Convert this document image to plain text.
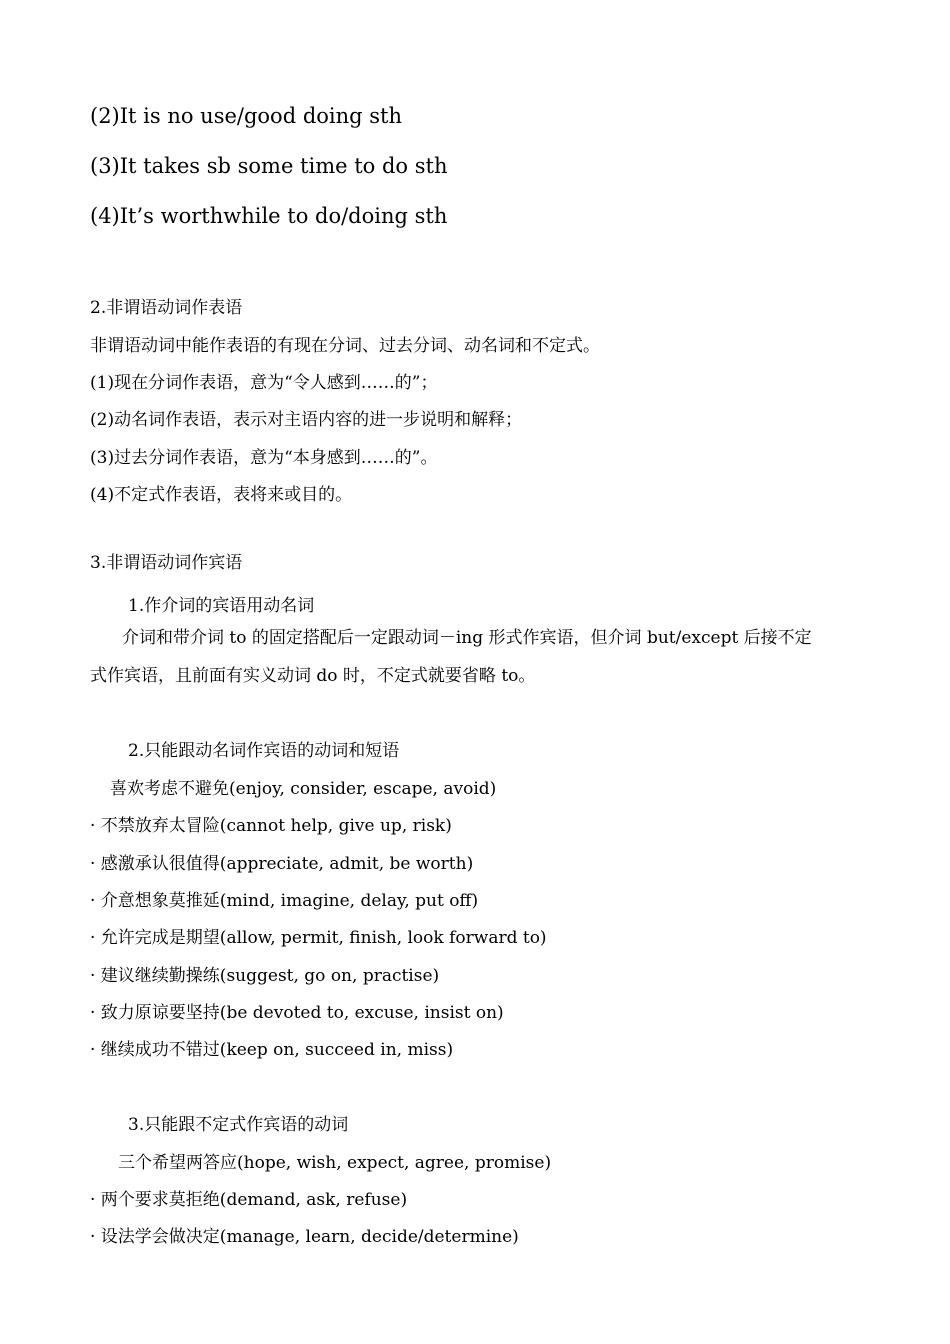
(2)It is no use/good doing sth
(3)It takes sb some time to do sth
(4)It’s worthwhile to do/doing sth
2.非谓语动词作表语
非谓语动词中能作表语的有现在分词、过去分词、动名词和不定式。
(1)现在分词作表语，意为“令人感到……的”；
(2)动名词作表语，表示对主语内容的进一步说明和解释；
(3)过去分词作表语，意为“本身感到……的”。
(4)不定式作表语，表将来或目的。
3.非谓语动词作宾语
1.作介词的宾语用动名词
介词和带介词 to 的固定搭配后一定跟动词－ing 形式作宾语，但介词 but/except 后接不定
式作宾语，且前面有实义动词 do 时，不定式就要省略 to。
2.只能跟动名词作宾语的动词和短语
喜欢考虑不避免(enjoy, consider, escape, avoid)
· 不禁放弃太冒险(cannot help, give up, risk)
· 感激承认很值得(appreciate, admit, be worth)
· 介意想象莫推延(mind, imagine, delay, put off)
· 允许完成是期望(allow, permit, finish, look forward to)
· 建议继续勤操练(suggest, go on, practise)
· 致力原谅要坚持(be devoted to, excuse, insist on)
· 继续成功不错过(keep on, succeed in, miss)
3.只能跟不定式作宾语的动词
三个希望两答应(hope, wish, expect, agree, promise)
· 两个要求莫拒绝(demand, ask, refuse)
· 设法学会做决定(manage, learn, decide/determine)
